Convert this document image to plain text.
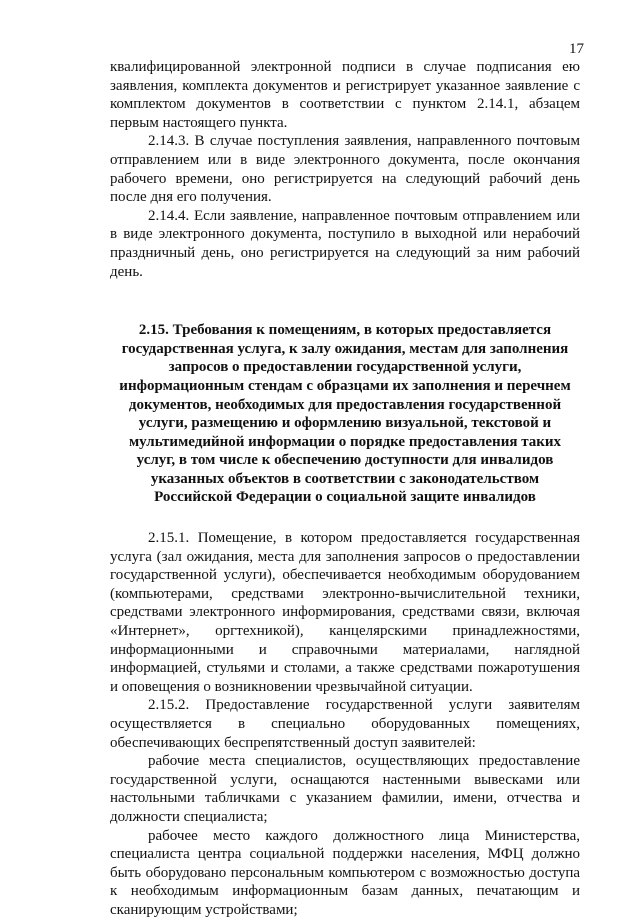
17

квалифицированной электронной подписи в случае подписания ею заявления, комплекта документов и регистрирует указанное заявление с комплектом документов в соответствии с пунктом 2.14.1, абзацем первым настоящего пункта.

2.14.3. В случае поступления заявления, направленного почтовым отправлением или в виде электронного документа, после окончания рабочего времени, оно регистрируется на следующий рабочий день после дня его получения.

2.14.4. Если заявление, направленное почтовым отправлением или в виде электронного документа, поступило в выходной или нерабочий праздничный день, оно регистрируется на следующий за ним рабочий день.

2.15. Требования к помещениям, в которых предоставляется государственная услуга, к залу ожидания, местам для заполнения запросов о предоставлении государственной услуги, информационным стендам с образцами их заполнения и перечнем документов, необходимых для предоставления государственной услуги, размещению и оформлению визуальной, текстовой и мультимедийной информации о порядке предоставления таких услуг, в том числе к обеспечению доступности для инвалидов указанных объектов в соответствии с законодательством Российской Федерации о социальной защите инвалидов

2.15.1. Помещение, в котором предоставляется государственная услуга (зал ожидания, места для заполнения запросов о предоставлении государственной услуги), обеспечивается необходимым оборудованием (компьютерами, средствами электронно-вычислительной техники, средствами электронного информирования, средствами связи, включая «Интернет», оргтехникой), канцелярскими принадлежностями, информационными и справочными материалами, наглядной информацией, стульями и столами, а также средствами пожаротушения и оповещения о возникновении чрезвычайной ситуации.

2.15.2. Предоставление государственной услуги заявителям осуществляется в специально оборудованных помещениях, обеспечивающих беспрепятственный доступ заявителей:

рабочие места специалистов, осуществляющих предоставление государственной услуги, оснащаются настенными вывесками или настольными табличками с указанием фамилии, имени, отчества и должности специалиста;

рабочее место каждого должностного лица Министерства, специалиста центра социальной поддержки населения, МФЦ должно быть оборудовано персональным компьютером с возможностью доступа к необходимым информационным базам данных, печатающим и сканирующим устройствами;
